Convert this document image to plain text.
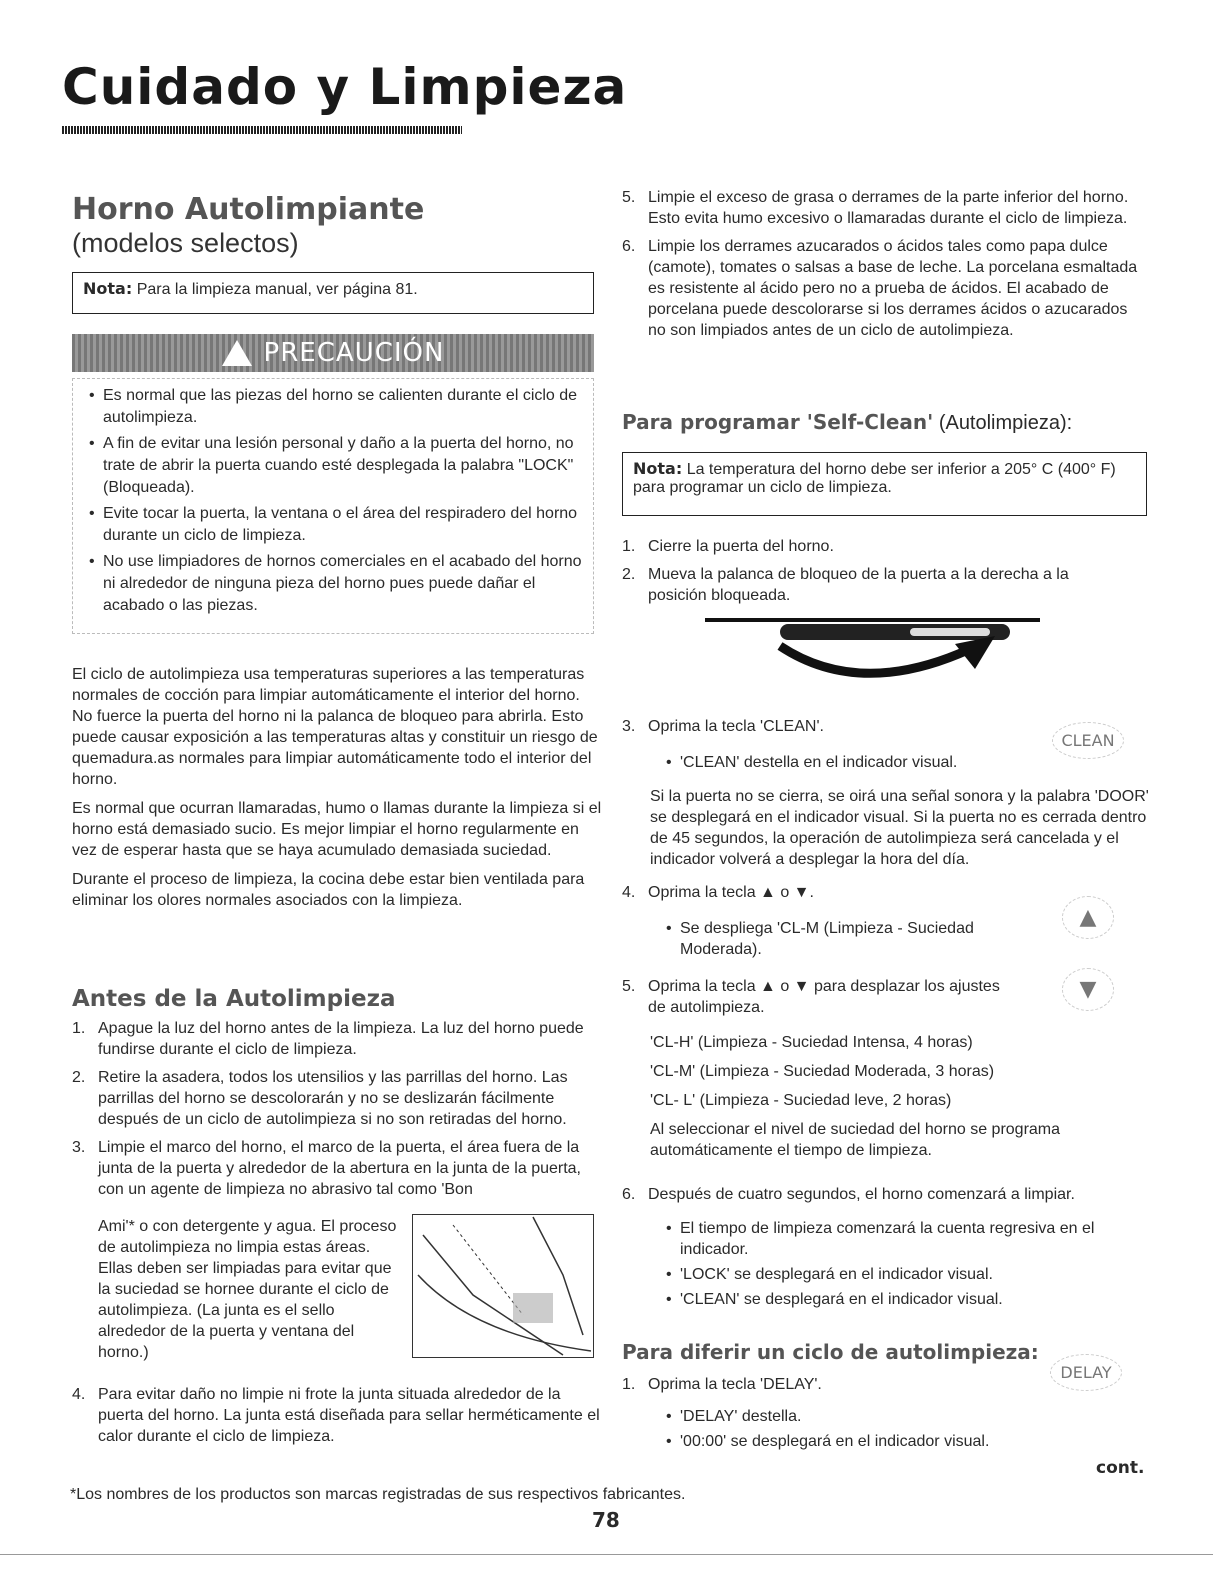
Cuidado y Limpieza
Horno Autolimpiante
(modelos selectos)
Nota: Para la limpieza manual, ver página 81.
PRECAUCIÓN
• Es normal que las piezas del horno se calienten durante el ciclo de autolimpieza.
• A fin de evitar una lesión personal y daño a la puerta del horno, no trate de abrir la puerta cuando esté desplegada la palabra "LOCK" (Bloqueada).
• Evite tocar la puerta, la ventana o el área del respiradero del horno durante un ciclo de limpieza.
• No use limpiadores de hornos comerciales en el acabado del horno ni alrededor de ninguna pieza del horno pues puede dañar el acabado o las piezas.

El ciclo de autolimpieza usa temperaturas superiores a las temperaturas normales de cocción para limpiar automáticamente el interior del horno. No fuerce la puerta del horno ni la palanca de bloqueo para abrirla. Esto puede causar exposición a las temperaturas altas y constituir un riesgo de quemadura.as normales para limpiar automáticamente todo el interior del horno.

Es normal que ocurran llamaradas, humo o llamas durante la limpieza si el horno está demasiado sucio. Es mejor limpiar el horno regularmente en vez de esperar hasta que se haya acumulado demasiada suciedad.

Durante el proceso de limpieza, la cocina debe estar bien ventilada para eliminar los olores normales asociados con la limpieza.

Antes de la Autolimpieza
1. Apague la luz del horno antes de la limpieza. La luz del horno puede fundirse durante el ciclo de limpieza.
2. Retire la asadera, todos los utensilios y las parrillas del horno. Las parrillas del horno se descolorarán y no se deslizarán fácilmente después de un ciclo de autolimpieza si no son retiradas del horno.
3. Limpie el marco del horno, el marco de la puerta, el área fuera de la junta de la puerta y alrededor de la abertura en la junta de la puerta, con un agente de limpieza no abrasivo tal como 'Bon
Ami'* o con detergente y agua. El proceso de autolimpieza no limpia estas áreas. Ellas deben ser limpiadas para evitar que la suciedad se hornee durante el ciclo de autolimpieza. (La junta es el sello alrededor de la puerta y ventana del horno.)
4. Para evitar daño no limpie ni frote la junta situada alrededor de la puerta del horno. La junta está diseñada para sellar herméticamente el calor durante el ciclo de limpieza.
5. Limpie el exceso de grasa o derrames de la parte inferior del horno. Esto evita humo excesivo o llamaradas durante el ciclo de limpieza.
6. Limpie los derrames azucarados o ácidos tales como papa dulce (camote), tomates o salsas a base de leche. La porcelana esmaltada es resistente al ácido pero no a prueba de ácidos. El acabado de porcelana puede descolorarse si los derrames ácidos o azucarados no son limpiados antes de un ciclo de autolimpieza.
Para programar 'Self-Clean' (Autolimpieza):
Nota: La temperatura del horno debe ser inferior a 205° C (400° F) para programar un ciclo de limpieza.
1. Cierre la puerta del horno.
2. Mueva la palanca de bloqueo de la puerta a la derecha a la posición bloqueada.
3. Oprima la tecla 'CLEAN'.
• 'CLEAN' destella en el indicador visual.
CLEAN
Si la puerta no se cierra, se oirá una señal sonora y la palabra 'DOOR' se desplegará en el indicador visual. Si la puerta no es cerrada dentro de 45 segundos, la operación de autolimpieza será cancelada y el indicador volverá a desplegar la hora del día.
4. Oprima la tecla ▲ o ▼.
• Se despliega 'CL-M (Limpieza - Suciedad Moderada).
▲
5. Oprima la tecla ▲ o ▼ para desplazar los ajustes de autolimpieza.
▼

'CL-H' (Limpieza - Suciedad Intensa, 4 horas)

'CL-M' (Limpieza - Suciedad Moderada, 3 horas)

'CL- L' (Limpieza - Suciedad leve, 2 horas)

Al seleccionar el nivel de suciedad del horno se programa automáticamente el tiempo de limpieza.

6. Después de cuatro segundos, el horno comenzará a limpiar.
• El tiempo de limpieza comenzará la cuenta regresiva en el indicador.
• 'LOCK' se desplegará en el indicador visual.
• 'CLEAN' se desplegará en el indicador visual.
Para diferir un ciclo de autolimpieza:
DELAY
1. Oprima la tecla 'DELAY'.
• 'DELAY' destella.
• '00:00' se desplegará en el indicador visual.
cont.
*Los nombres de los productos son marcas registradas de sus respectivos fabricantes.
78
